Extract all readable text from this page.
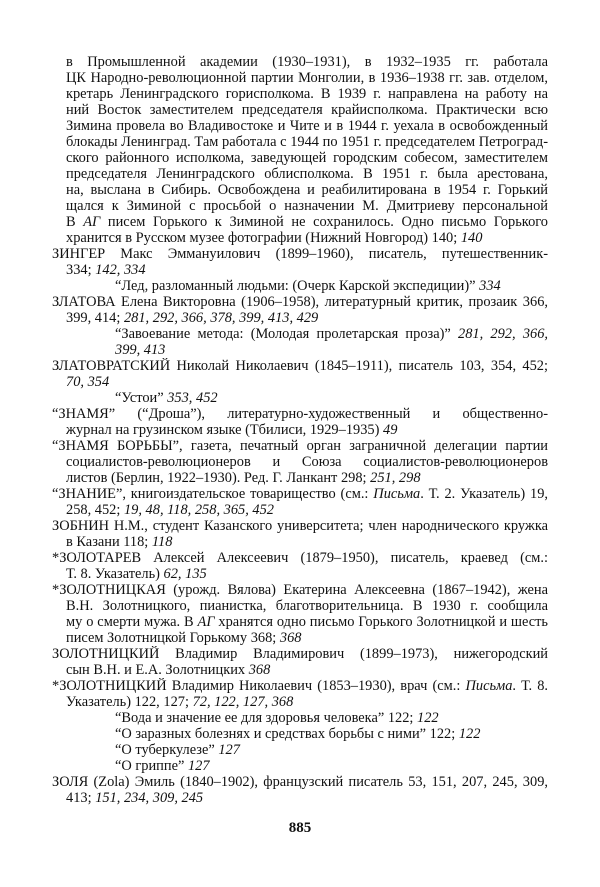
в Промышленной академии (1930–1931), в 1932–1935 гг. работала
ЦК Народно-революционной партии Монголии, в 1936–1938 гг. зав. отделом,
кретарь Ленинградского горисполкома. В 1939 г. направлена на работу на
ний Восток заместителем председателя крайисполкома. Практически всю
Зимина провела во Владивостоке и Чите и в 1944 г. уехала в освобожденный
блокады Ленинград. Там работала с 1944 по 1951 г. председателем Петроград-
ского районного исполкома, заведующей городским собесом, заместителем
председателя Ленинградского облисполкома. В 1951 г. была арестована,
на, выслана в Сибирь. Освобождена и реабилитирована в 1954 г. Горький
щался к Зиминой с просьбой о назначении М. Дмитриеву персональной
В АГ писем Горького к Зиминой не сохранилось. Одно письмо Горького
хранится в Русском музее фотографии (Нижний Новгород) 140; 140
ЗИНГЕР Макс Эммануилович (1899–1960), писатель, путешественник-
334; 142, 334
“Лед, разломанный людьми: (Очерк Карской экспедиции)” 334
ЗЛАТОВА Елена Викторовна (1906–1958), литературный критик, прозаик 366,
399, 414; 281, 292, 366, 378, 399, 413, 429
“Завоевание метода: (Молодая пролетарская проза)” 281, 292, 366,
399, 413
ЗЛАТОВРАТСКИЙ Николай Николаевич (1845–1911), писатель 103, 354, 452;
70, 354
“Устои” 353, 452
“ЗНАМЯ” (“Дроша”), литературно-художественный и общественно-
журнал на грузинском языке (Тбилиси, 1929–1935) 49
“ЗНАМЯ БОРЬБЫ”, газета, печатный орган заграничной делегации партии
социалистов-революционеров и Союза социалистов-революционеров
листов (Берлин, 1922–1930). Ред. Г. Ланкант 298; 251, 298
“ЗНАНИЕ”, книгоиздательское товарищество (см.: Письма. Т. 2. Указатель) 19,
258, 452; 19, 48, 118, 258, 365, 452
ЗОБНИН Н.М., студент Казанского университета; член народнического кружка
в Казани 118; 118
*ЗОЛОТАРЕВ Алексей Алексеевич (1879–1950), писатель, краевед (см.:
Т. 8. Указатель) 62, 135
*ЗОЛОТНИЦКАЯ (урожд. Вялова) Екатерина Алексеевна (1867–1942), жена
В.Н. Золотницкого, пианистка, благотворительница. В 1930 г. сообщила
му о смерти мужа. В АГ хранятся одно письмо Горького Золотницкой и шесть
писем Золотницкой Горькому 368; 368
ЗОЛОТНИЦКИЙ Владимир Владимирович (1899–1973), нижегородский
сын В.Н. и Е.А. Золотницких 368
*ЗОЛОТНИЦКИЙ Владимир Николаевич (1853–1930), врач (см.: Письма. Т. 8.
Указатель) 122, 127; 72, 122, 127, 368
“Вода и значение ее для здоровья человека” 122; 122
“О заразных болезнях и средствах борьбы с ними” 122; 122
“О туберкулезе” 127
“О гриппе” 127
ЗОЛЯ (Zola) Эмиль (1840–1902), французский писатель 53, 151, 207, 245, 309,
413; 151, 234, 309, 245
885
